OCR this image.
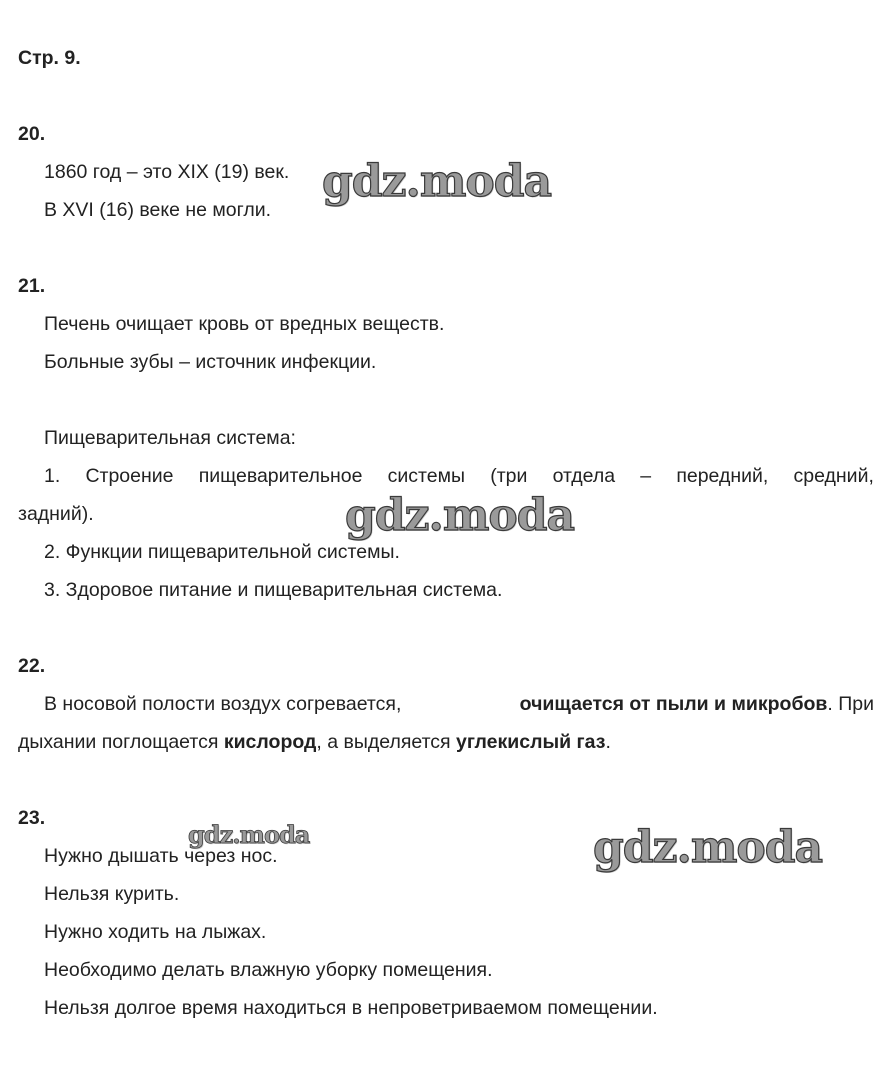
Стр. 9.
20.
1860 год – это XIX (19) век.
В XVI (16) веке не могли.
21.
Печень очищает кровь от вредных веществ.
Больные зубы – источник инфекции.
Пищеварительная система:
1. Строение пищеварительное системы (три отдела – передний, средний,
задний).
2. Функции пищеварительной системы.
3. Здоровое питание и пищеварительная система.
22.
В носовой полости воздух согревается,	очищается от пыли и микробов. При
дыхании поглощается кислород, а выделяется углекислый газ.
23.
Нужно дышать через нос.
Нельзя курить.
Нужно ходить на лыжах.
Необходимо делать влажную уборку помещения.
Нельзя долгое время находиться в непроветриваемом помещении.
gdz.moda
gdz.moda
gdz.moda	gdz.moda
